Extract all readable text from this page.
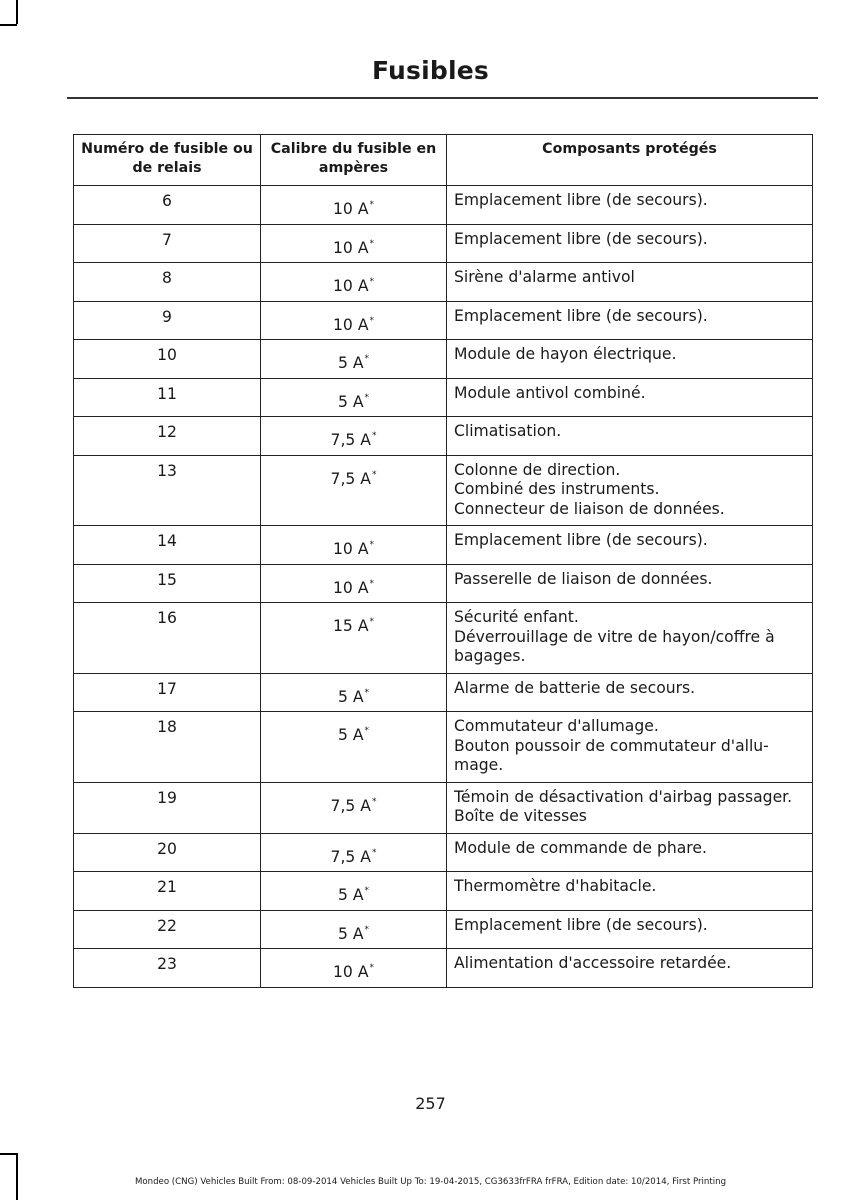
Fusibles
Numéro de fusible ou de relais	Calibre du fusible en ampères	Composants protégés
6	10 A*	Emplacement libre (de secours).

7	10 A*	Emplacement libre (de secours).

8	10 A*	Sirène d'alarme antivol

9	10 A*	Emplacement libre (de secours).

10	5 A*	Module de hayon électrique.

11	5 A*	Module antivol combiné.

12	7,5 A*	Climatisation.

13	7,5 A*	Colonne de direction.
Combiné des instruments.
Connecteur de liaison de données.

14	10 A*	Emplacement libre (de secours).

15	10 A*	Passerelle de liaison de données.

16	15 A*	Sécurité enfant.
Déverrouillage de vitre de hayon/coffre à bagages.

17	5 A*	Alarme de batterie de secours.

18	5 A*	Commutateur d'allumage.
Bouton poussoir de commutateur d'allu-mage.

19	7,5 A*	Témoin de désactivation d'airbag passager.
Boîte de vitesses

20	7,5 A*	Module de commande de phare.

21	5 A*	Thermomètre d'habitacle.

22	5 A*	Emplacement libre (de secours).

23	10 A*	Alimentation d'accessoire retardée.
257
Mondeo (CNG) Vehicles Built From: 08-09-2014 Vehicles Built Up To: 19-04-2015, CG3633frFRA frFRA, Edition date: 10/2014, First Printing
